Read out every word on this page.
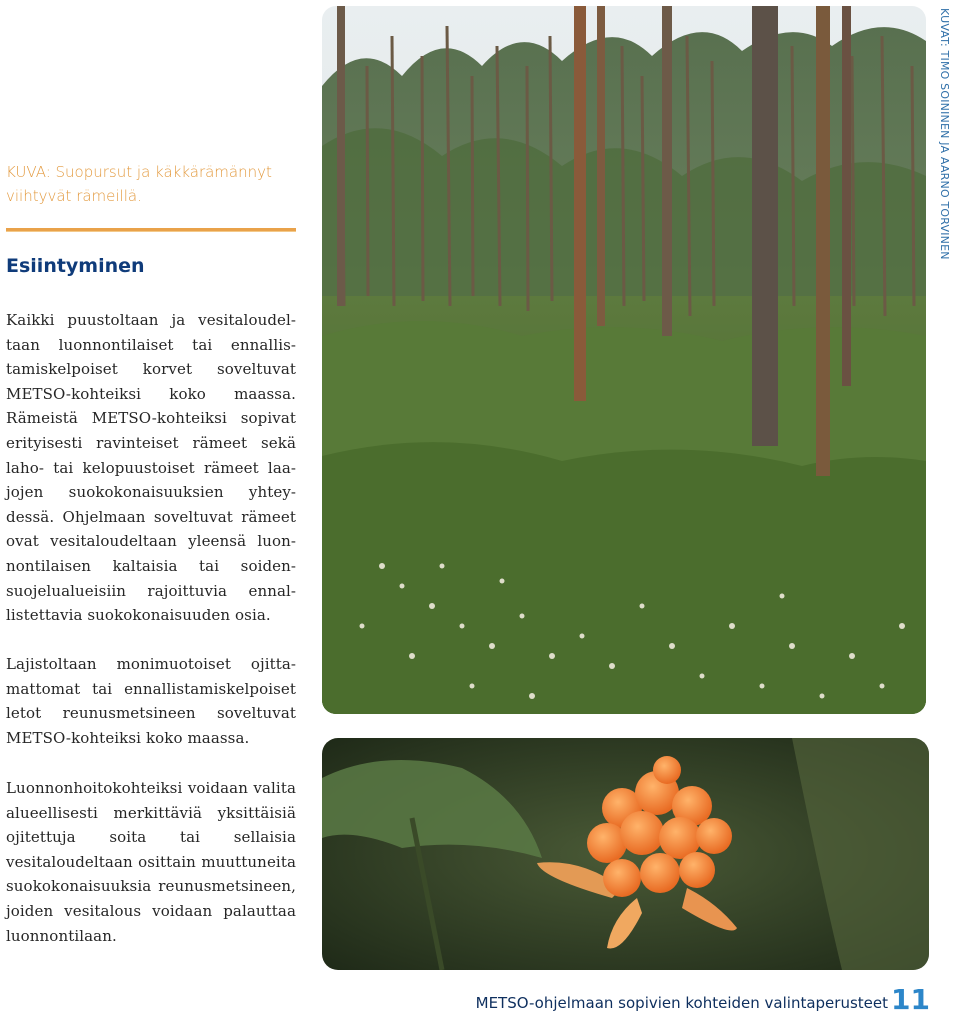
KUVA: Suopursut ja käkkärämännyt
viihtyvät rämeillä.
Esiintyminen
Kaikki puustoltaan ja vesitaloudeltaan luonnontilaiset tai ennallistamiskelpoiset korvet soveltuvat METSO-kohteiksi koko maassa. Rämeistä METSO-kohteiksi sopivat erityisesti ravinteiset rämeet sekä laho- tai kelopuustoiset rämeet laajojen suokokonaisuuksien yhteydessä. Ohjelmaan soveltuvat rämeet ovat vesitaloudeltaan yleensä luonnontilaisen kaltaisia tai soidensuojelualueisiin rajoittuvia ennallistettavia suokokonaisuuden osia.
Lajistoltaan monimuotoiset ojittamattomat tai ennallistamiskelpoiset letot reunusmetsineen soveltuvat METSO-kohteiksi koko maassa.
Luonnonhoitokohteiksi voidaan valita alueellisesti merkittäviä yksittäisiä ojitettuja soita tai sellaisia vesitaloudeltaan osittain muuttuneita suokokonaisuuksia reunusmetsineen, joiden vesitalous voidaan palauttaa luonnontilaan.
KUVAT: TIMO SOININEN JA AARNO TORVINEN
METSO-ohjelmaan sopivien kohteiden valintaperusteet 11
